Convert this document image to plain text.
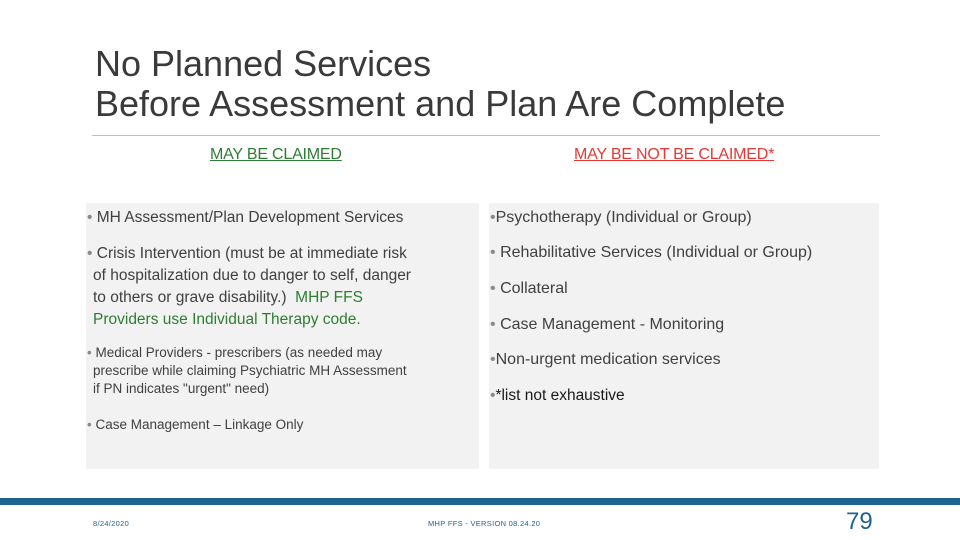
No Planned Services
Before Assessment and Plan Are Complete
MAY BE CLAIMED	MAY BE NOT BE CLAIMED*
• MH Assessment/Plan Development Services
• Crisis Intervention (must be at immediate risk
of hospitalization due to danger to self, danger
to others or grave disability.) MHP FFS
Providers use Individual Therapy code.
• Medical Providers - prescribers (as needed may
prescribe while claiming Psychiatric MH Assessment
if PN indicates "urgent" need)
• Case Management – Linkage Only
•Psychotherapy (Individual or Group)
• Rehabilitative Services (Individual or Group)
• Collateral
• Case Management - Monitoring
•Non-urgent medication services
•*list not exhaustive
8/24/2020	MHP FFS - VERSION 08.24.20	79
